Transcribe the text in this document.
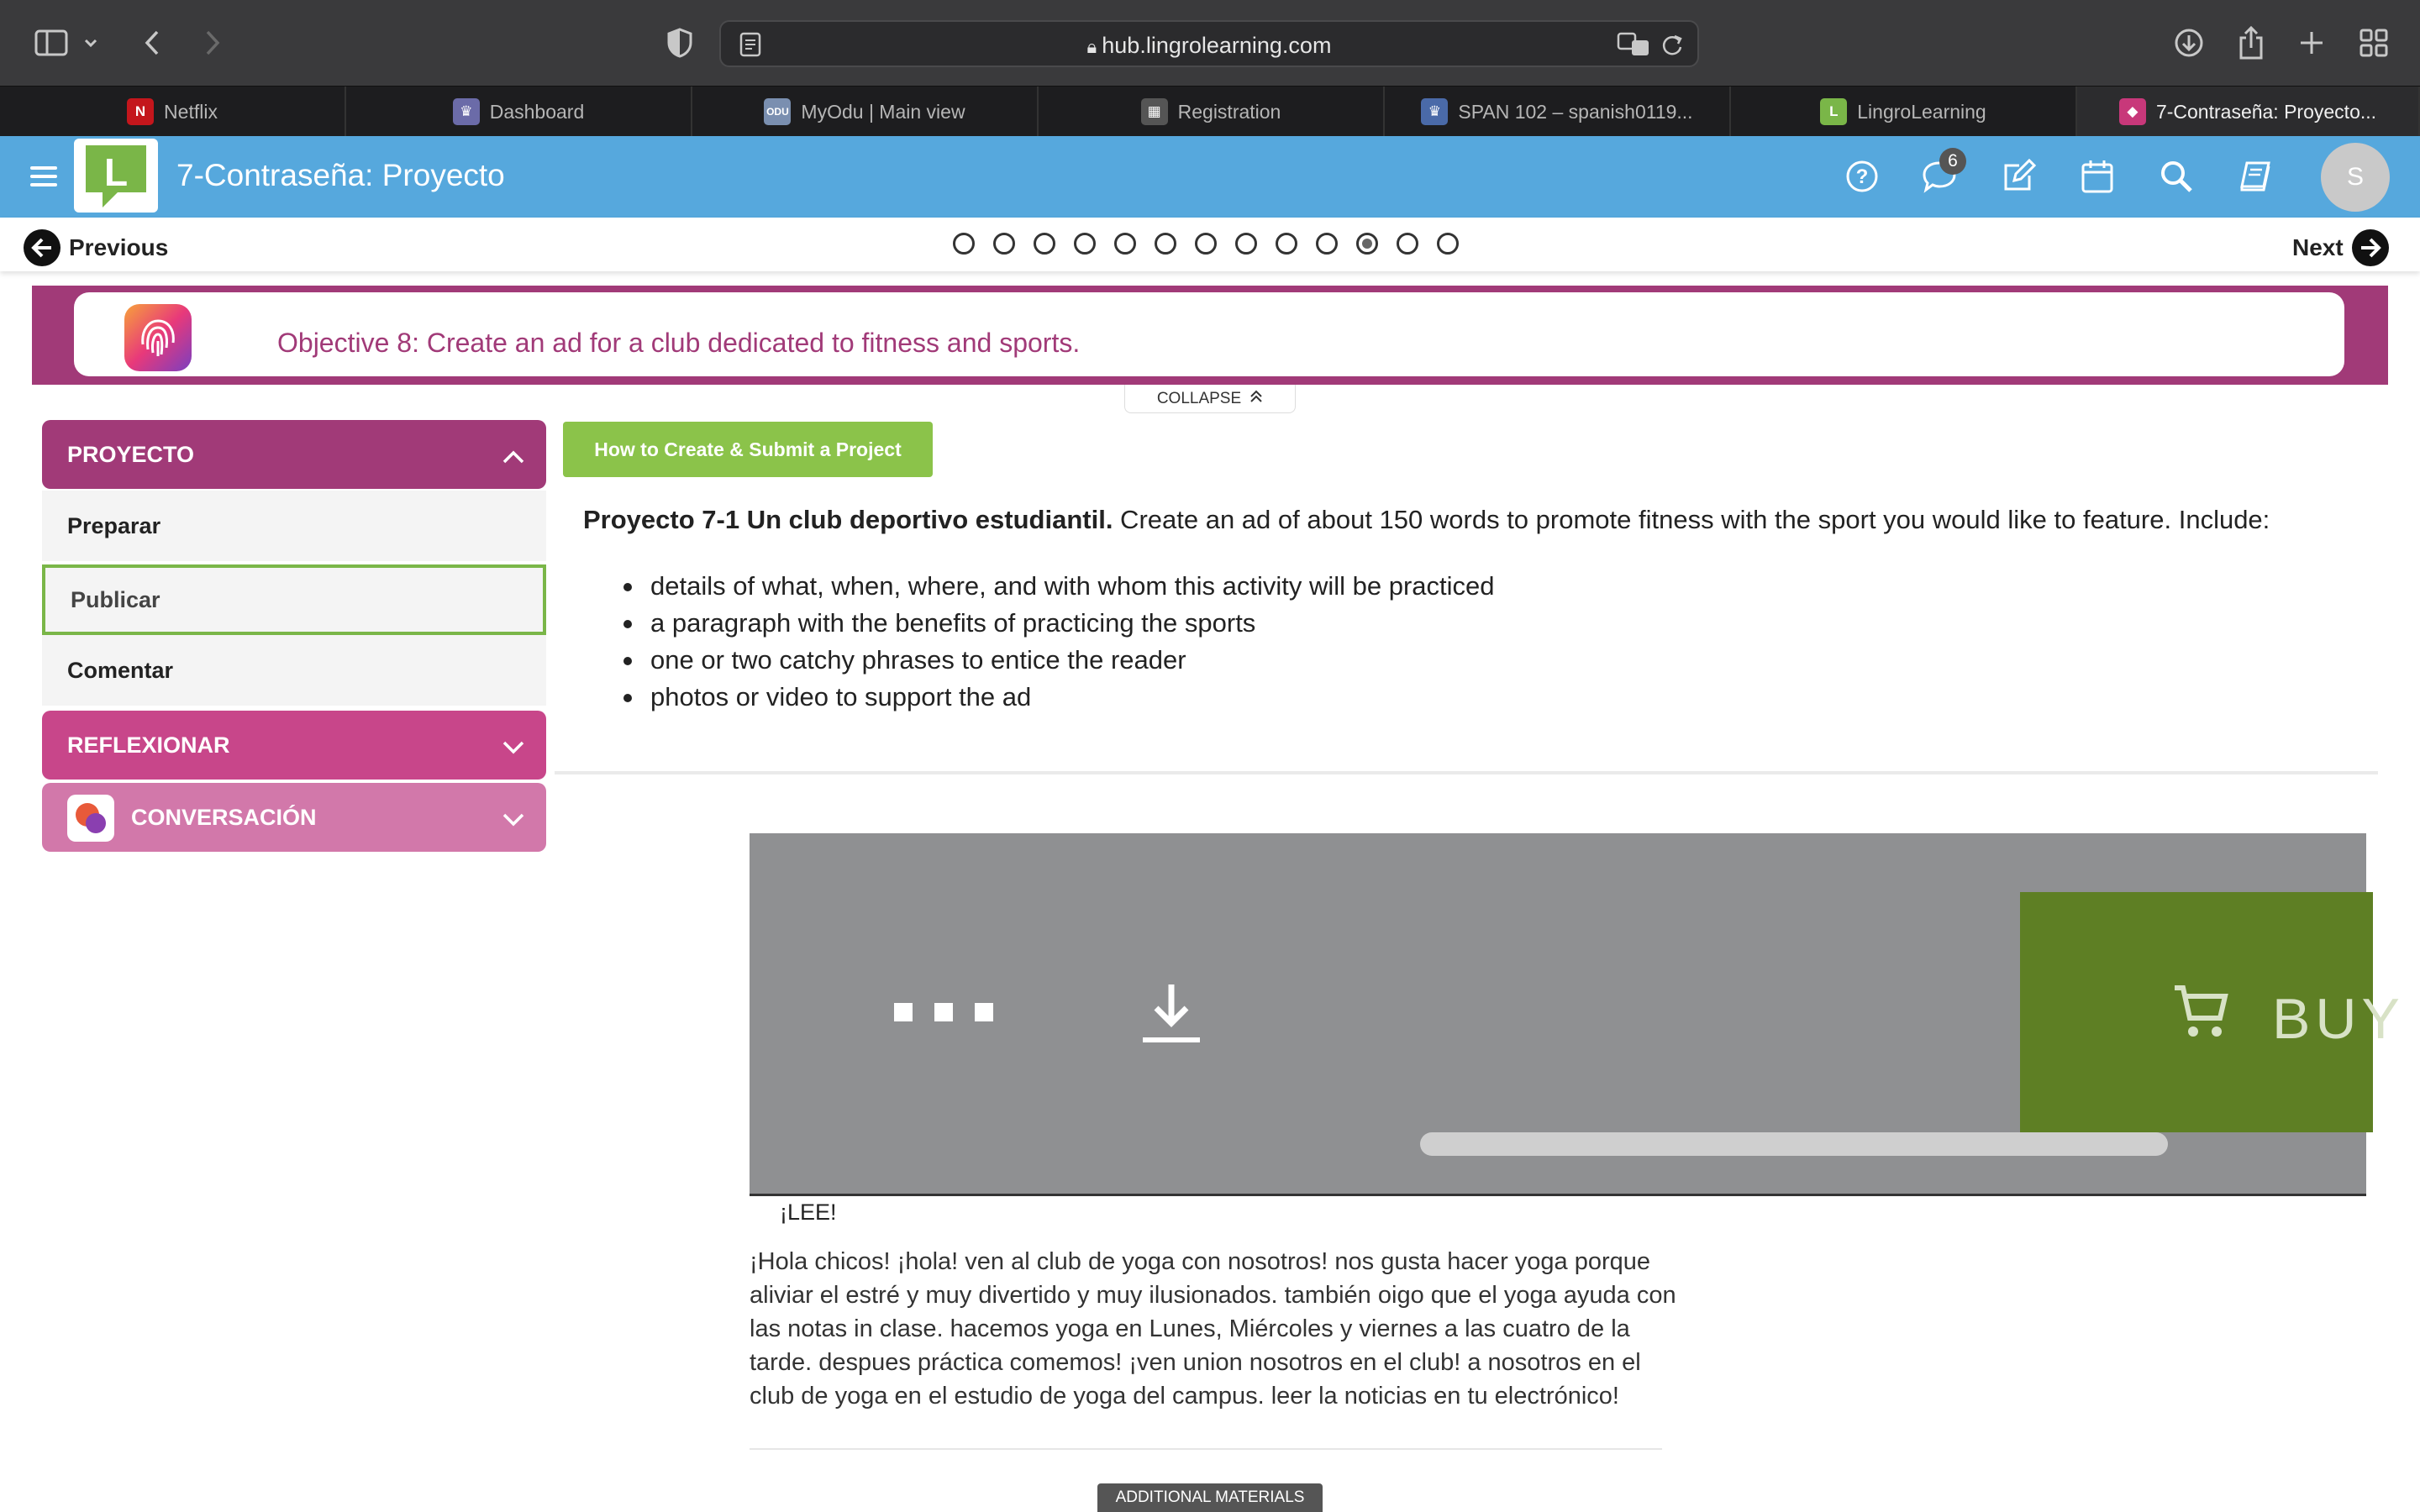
🔒︎ hub.lingrolearning.com
N Netflix	♛ Dashboard	ODU MyOdu | Main view	▦ Registration	♛ SPAN 102 – spanish0119...	L LingroLearning	◆ 7-Contraseña: Proyecto...
L 7-Contraseña: Proyecto	?
6
S
Previous	Next
Objective 8: Create an ad for a club dedicated to fitness and sports.
COLLAPSE
PROYECTO
Preparar
Publicar
Comentar
REFLEXIONAR
CONVERSACIÓN
How to Create & Submit a Project
Proyecto 7-1 Un club deportivo estudiantil. Create an ad of about 150 words to promote fitness with the sport you would like to feature. Include:
details of what, when, where, and with whom this activity will be practiced
a paragraph with the benefits of practicing the sports
one or two catchy phrases to entice the reader
photos or video to support the ad
BUY
¡LEE!
¡Hola chicos! ¡hola! ven al club de yoga con nosotros! nos gusta hacer yoga porque aliviar el estré y muy divertido y muy ilusionados. también oigo que el yoga ayuda con las notas in clase. hacemos yoga en Lunes, Miércoles y viernes a las cuatro de la tarde. despues práctica comemos! ¡ven union nosotros en el club! a nosotros en el club de yoga en el estudio de yoga del campus. leer la noticias en tu electrónico!
ADDITIONAL MATERIALS
